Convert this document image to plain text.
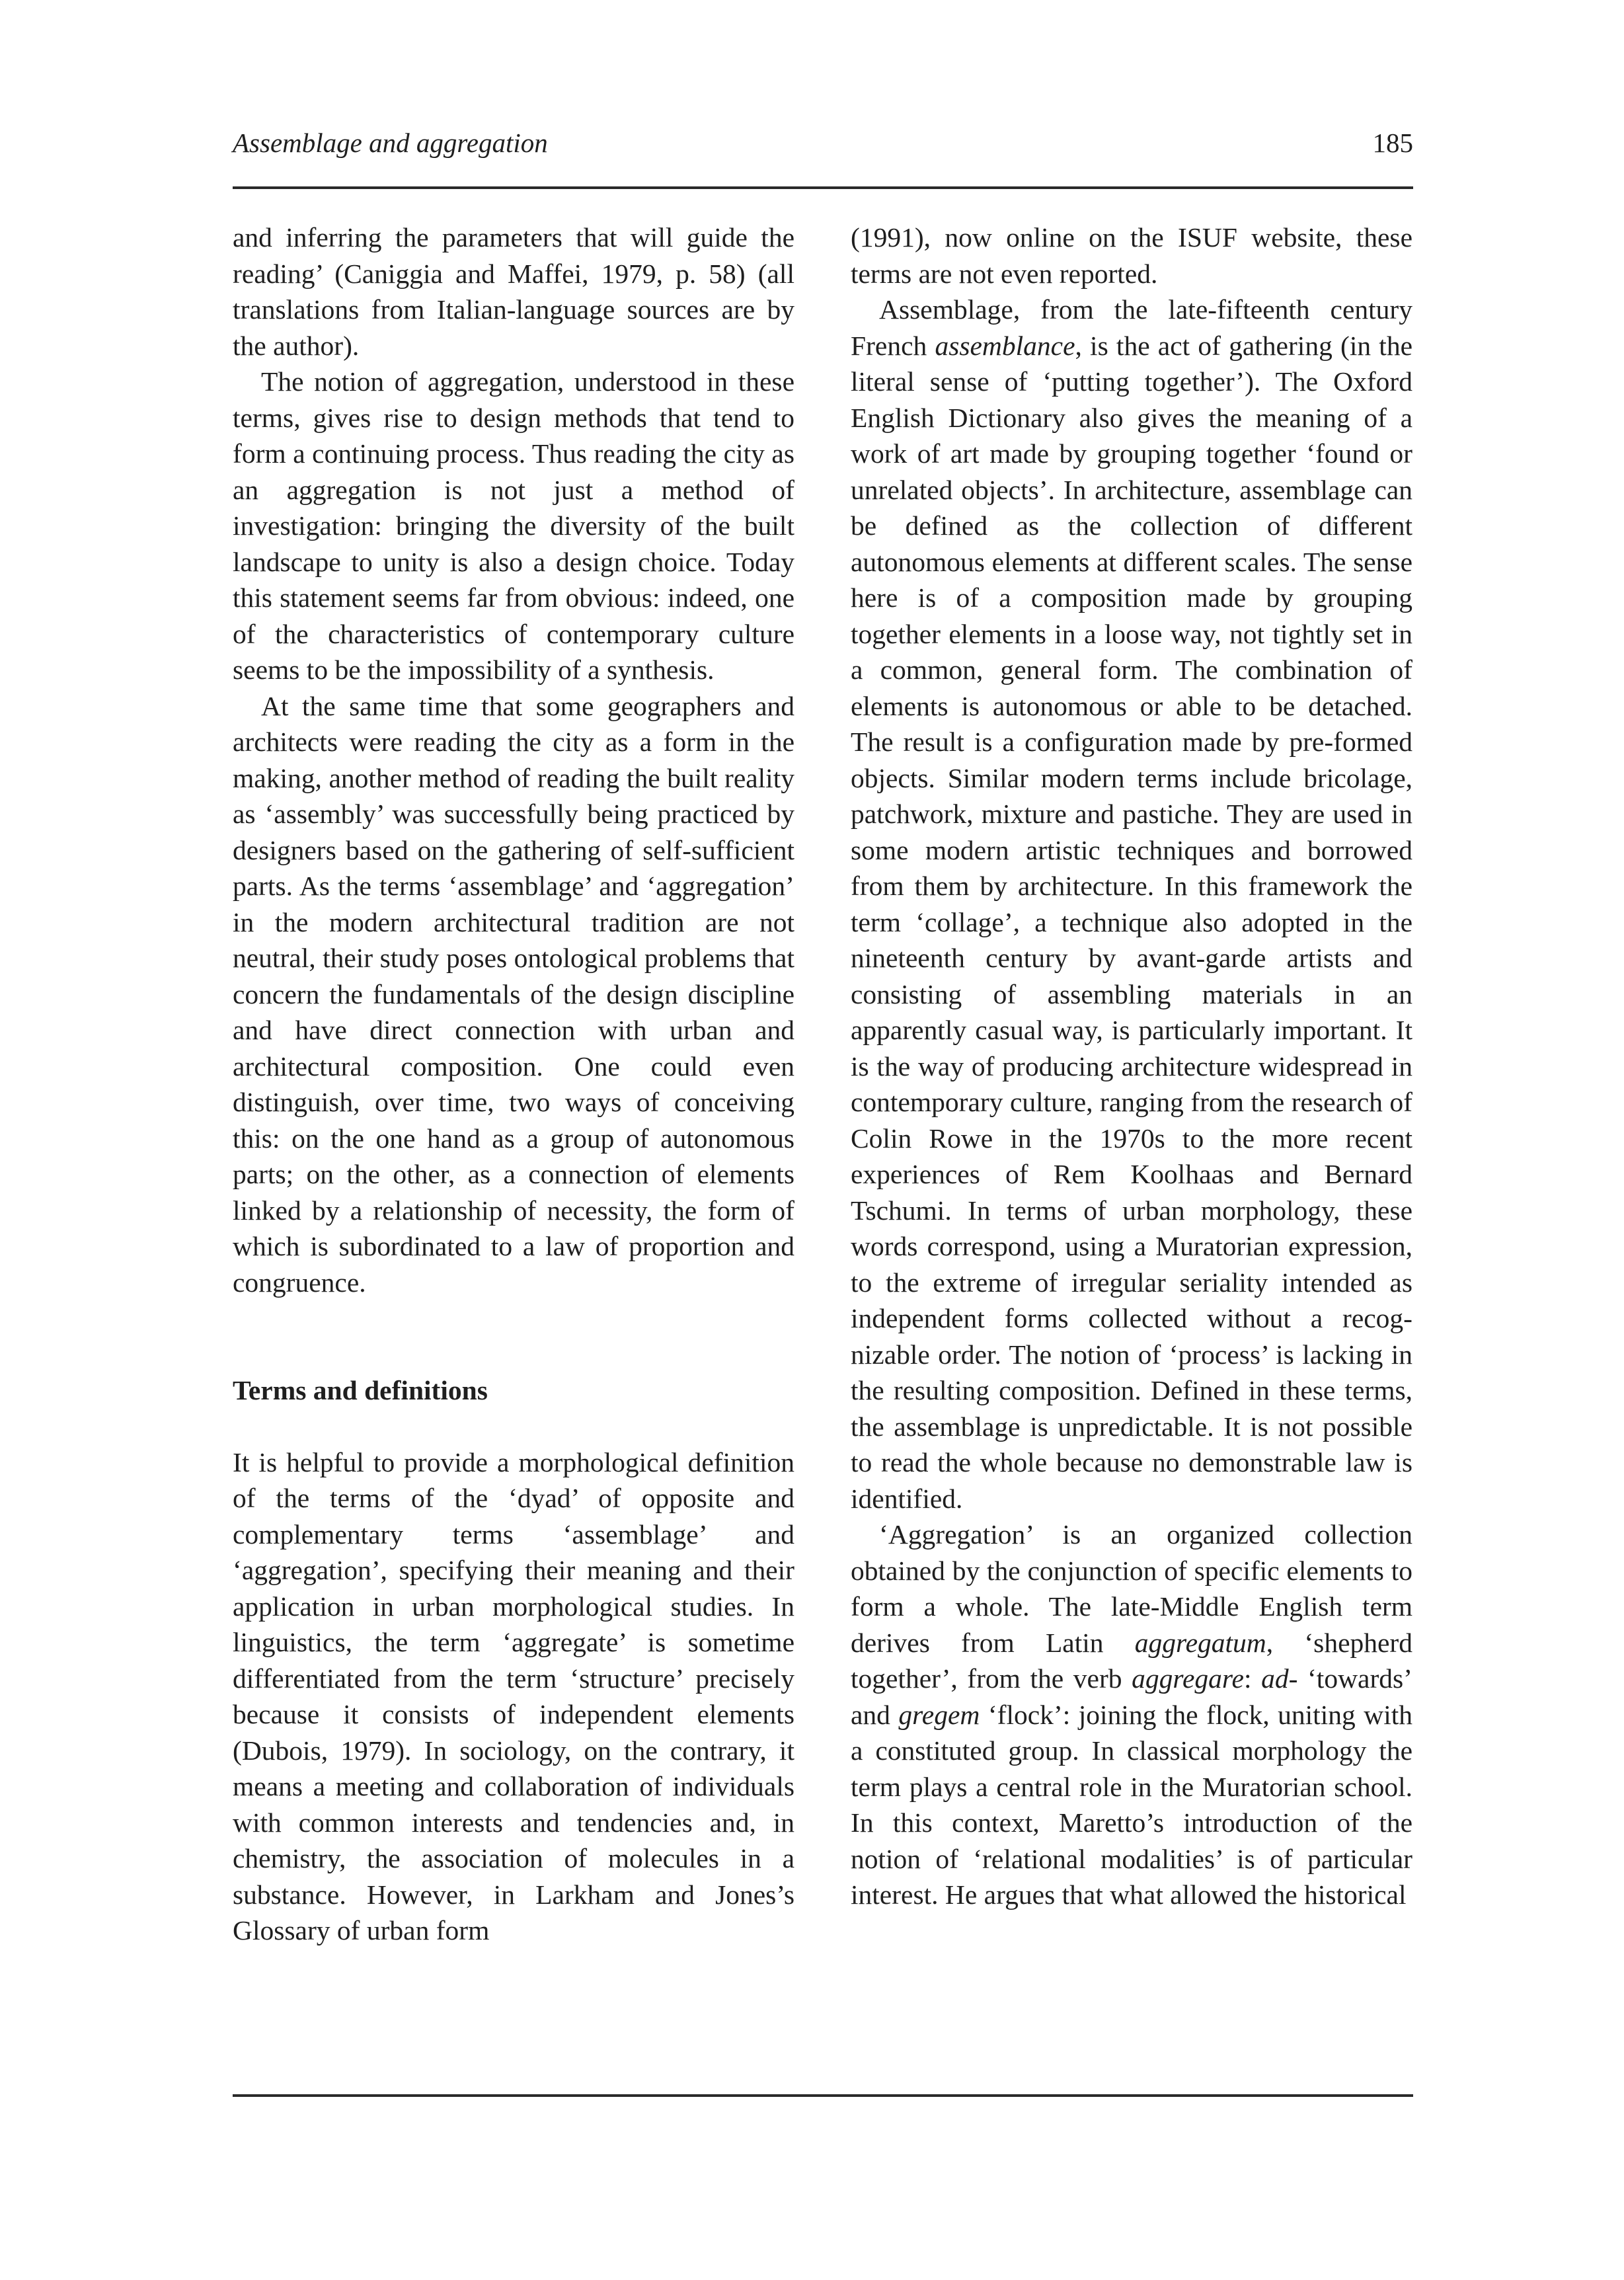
Assemblage and aggregation	185

and inferring the parameters that will guide the reading’ (Caniggia and Maffei, 1979, p. 58) (all translations from Italian-language sources are by the author).

The notion of aggregation, understood in these terms, gives rise to design methods that tend to form a continuing process. Thus reading the city as an aggregation is not just a method of investigation: bringing the diversity of the built landscape to unity is also a design choice. Today this statement seems far from obvious: indeed, one of the characteristics of contemporary culture seems to be the impossibility of a synthesis.

At the same time that some geographers and architects were reading the city as a form in the making, another method of reading the built reality as ‘assembly’ was successfully being practiced by designers based on the gathering of self-sufficient parts. As the terms ‘assemblage’ and ‘aggregation’ in the modern architectural tradition are not neutral, their study poses ontological problems that concern the fundamentals of the design discipline and have direct connection with urban and architectural composition. One could even distinguish, over time, two ways of conceiving this: on the one hand as a group of autonomous parts; on the other, as a connection of elements linked by a relationship of necessity, the form of which is subordinated to a law of proportion and congruence.

Terms and definitions

It is helpful to provide a morphological definition of the terms of the ‘dyad’ of opposite and complementary terms ‘assemblage’ and ‘aggregation’, specifying their meaning and their application in urban morphological studies. In linguistics, the term ‘aggregate’ is sometime differentiated from the term ‘structure’ precisely because it consists of independent elements (Dubois, 1979). In sociology, on the contrary, it means a meeting and collaboration of individuals with common interests and tendencies and, in chemistry, the association of molecules in a substance. However, in Larkham and Jones’s Glossary of urban form

(1991), now online on the ISUF website, these terms are not even reported.

Assemblage, from the late-fifteenth century French assemblance, is the act of gathering (in the literal sense of ‘putting together’). The Oxford English Dictionary also gives the meaning of a work of art made by grouping together ‘found or unrelated objects’. In architecture, assemblage can be defined as the collection of different autonomous elements at different scales. The sense here is of a composition made by grouping together elements in a loose way, not tightly set in a common, general form. The combination of elements is autonomous or able to be detached. The result is a configuration made by pre-formed objects. Similar modern terms include bricolage, patchwork, mixture and pastiche. They are used in some modern artistic techniques and borrowed from them by architecture. In this framework the term ‘collage’, a technique also adopted in the nineteenth century by avant-garde artists and consisting of assembling materials in an apparently casual way, is particularly important. It is the way of producing architecture widespread in contemporary culture, ranging from the research of Colin Rowe in the 1970s to the more recent experiences of Rem Koolhaas and Bernard Tschumi. In terms of urban morphology, these words correspond, using a Muratorian expression, to the extreme of irregular seriality intended as independent forms collected without a recognizable order. The notion of ‘process’ is lacking in the resulting composition. Defined in these terms, the assemblage is unpredictable. It is not possible to read the whole because no demonstrable law is identified.

‘Aggregation’ is an organized collection obtained by the conjunction of specific elements to form a whole. The late-Middle English term derives from Latin aggregatum, ‘shepherd together’, from the verb aggregare: ad- ‘towards’ and gregem ‘flock’: joining the flock, uniting with a constituted group. In classical morphology the term plays a central role in the Muratorian school. In this context, Maretto’s introduction of the notion of ‘relational modalities’ is of particular interest. He argues that what allowed the historical
